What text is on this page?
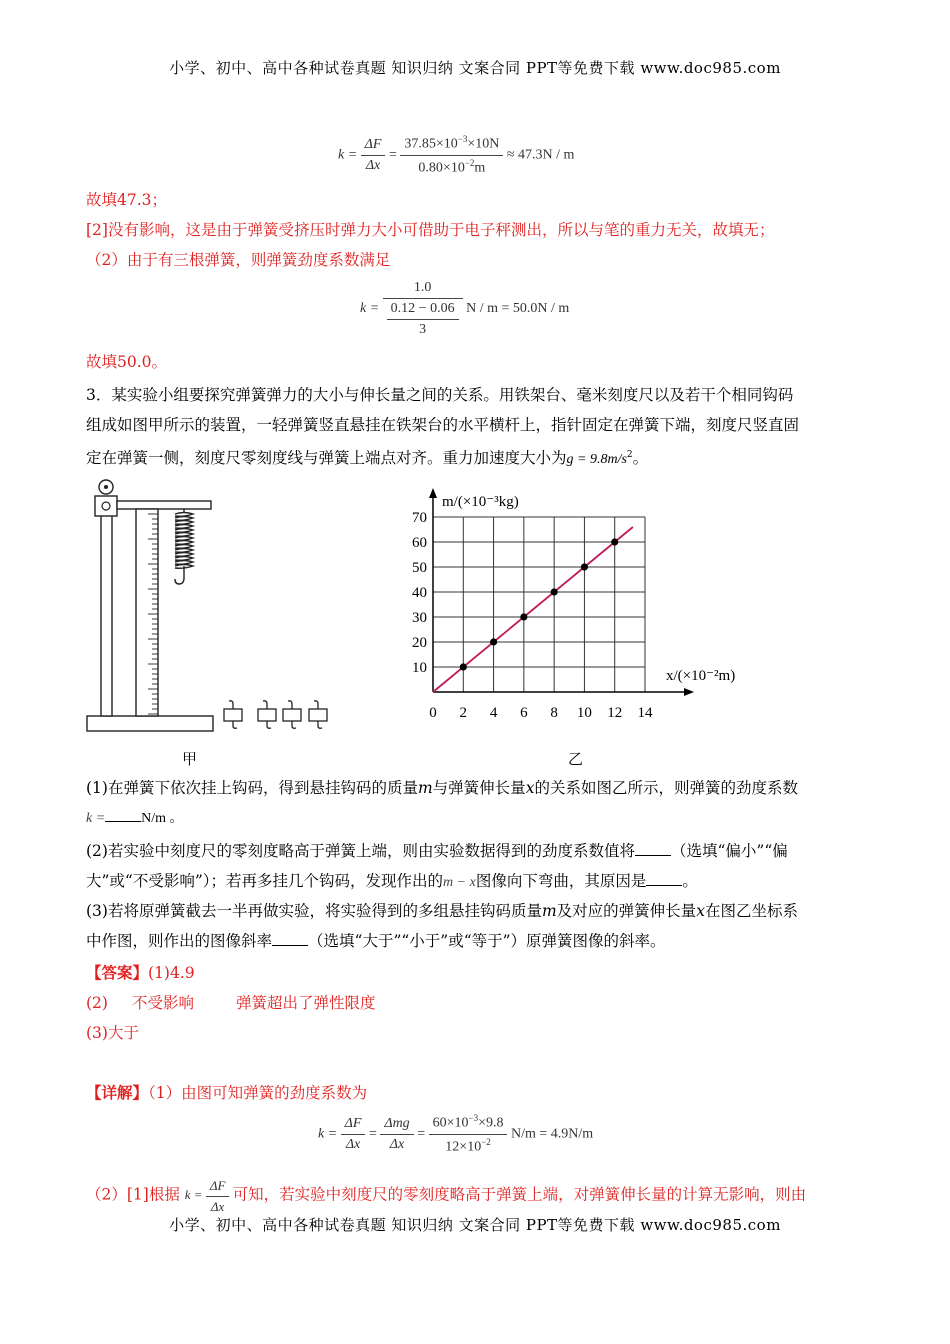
小学、初中、高中各种试卷真题 知识归纳 文案合同 PPT等免费下载 www.doc985.com
$k = \frac{\Delta F}{\Delta x} = \frac{37.85\times 10^{-3}\times 10N}{0.80\times 10^{-2}m} \approx 47.3N / m$
故填47.3；
[2]没有影响，这是由于弹簧受挤压时弹力大小可借助于电子秤测出，所以与笔的重力无关，故填无；
（2）由于有三根弹簧，则弹簧劲度系数满足
$k = \frac{1.0}{\frac{0.12 - 0.06}{3}}$ N / m = 50.0N / m
故填50.0。
3．某实验小组要探究弹簧弹力的大小与伸长量之间的关系。用铁架台、毫米刻度尺以及若干个相同钩码
组成如图甲所示的装置，一轻弹簧竖直悬挂在铁架台的水平横杆上，指针固定在弹簧下端，刻度尺竖直固
定在弹簧一侧，刻度尺零刻度线与弹簧上端点对齐。重力加速度大小为$g = 9.8m/s^2$。
甲
0 2 4 6 8 10 12 14
10
20
30
40
50
60
70
m/(×10⁻³kg)
x/(×10⁻²m)
乙
(1)在弹簧下依次挂上钩码，得到悬挂钩码的质量m与弹簧伸长量x的关系如图乙所示，则弹簧的劲度系数
k =	N/m 。
(2)若实验中刻度尺的零刻度略高于弹簧上端，则由实验数据得到的劲度系数值将 （选填“偏小”“偏
大”或“不受影响”）；若再多挂几个钩码，发现作出的m − x图像向下弯曲，其原因是 。
(3)若将原弹簧截去一半再做实验，将实验得到的多组悬挂钩码质量m及对应的弹簧伸长量x在图乙坐标系
中作图，则作出的图像斜率 （选填“大于”“小于”或“等于”）原弹簧图像的斜率。
【答案】(1)4.9
(2) 不受影响	弹簧超出了弹性限度
(3)大于
【详解】（1）由图可知弹簧的劲度系数为
$k = \frac{\Delta F}{\Delta x} = \frac{\text{Δmg}}{\Delta x} = \frac{60\times 10^{-3}\times 9.8}{12\times 10^{-2}} N/m = 4.9N/m$
（2）[1]根据 $k = \frac{\Delta F}{\Delta x}$ 可知，若实验中刻度尺的零刻度略高于弹簧上端，对弹簧伸长量的计算无影响，则由
小学、初中、高中各种试卷真题 知识归纳 文案合同 PPT等免费下载 www.doc985.com
